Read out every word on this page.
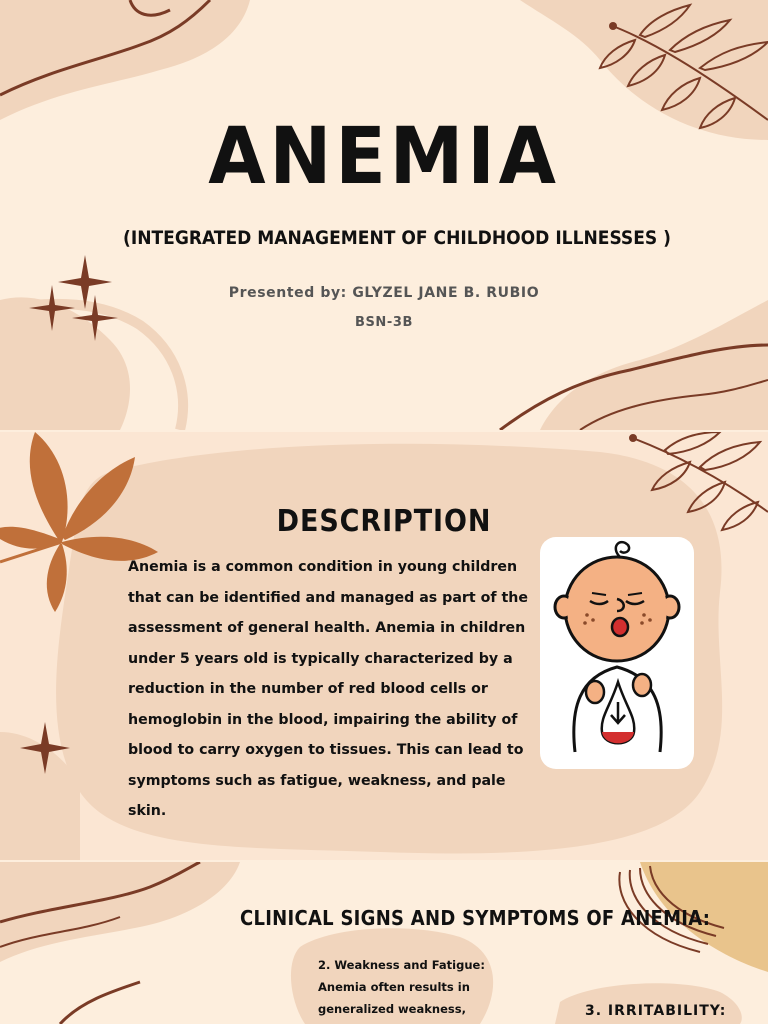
ANEMIA
(INTEGRATED MANAGEMENT OF CHILDHOOD ILLNESSES )
Presented by: GLYZEL JANE B. RUBIO
BSN-3B
DESCRIPTION
Anemia is a common condition in young children that can be identified and managed as part of the assessment of general health. Anemia in children under 5 years old is typically characterized by a reduction in the number of red blood cells or hemoglobin in the blood, impairing the ability of blood to carry oxygen to tissues. This can lead to symptoms such as fatigue, weakness, and pale skin.
CLINICAL SIGNS AND SYMPTOMS OF ANEMIA:
2. Weakness and Fatigue: Anemia often results in generalized weakness,	3. IRRITABILITY:
